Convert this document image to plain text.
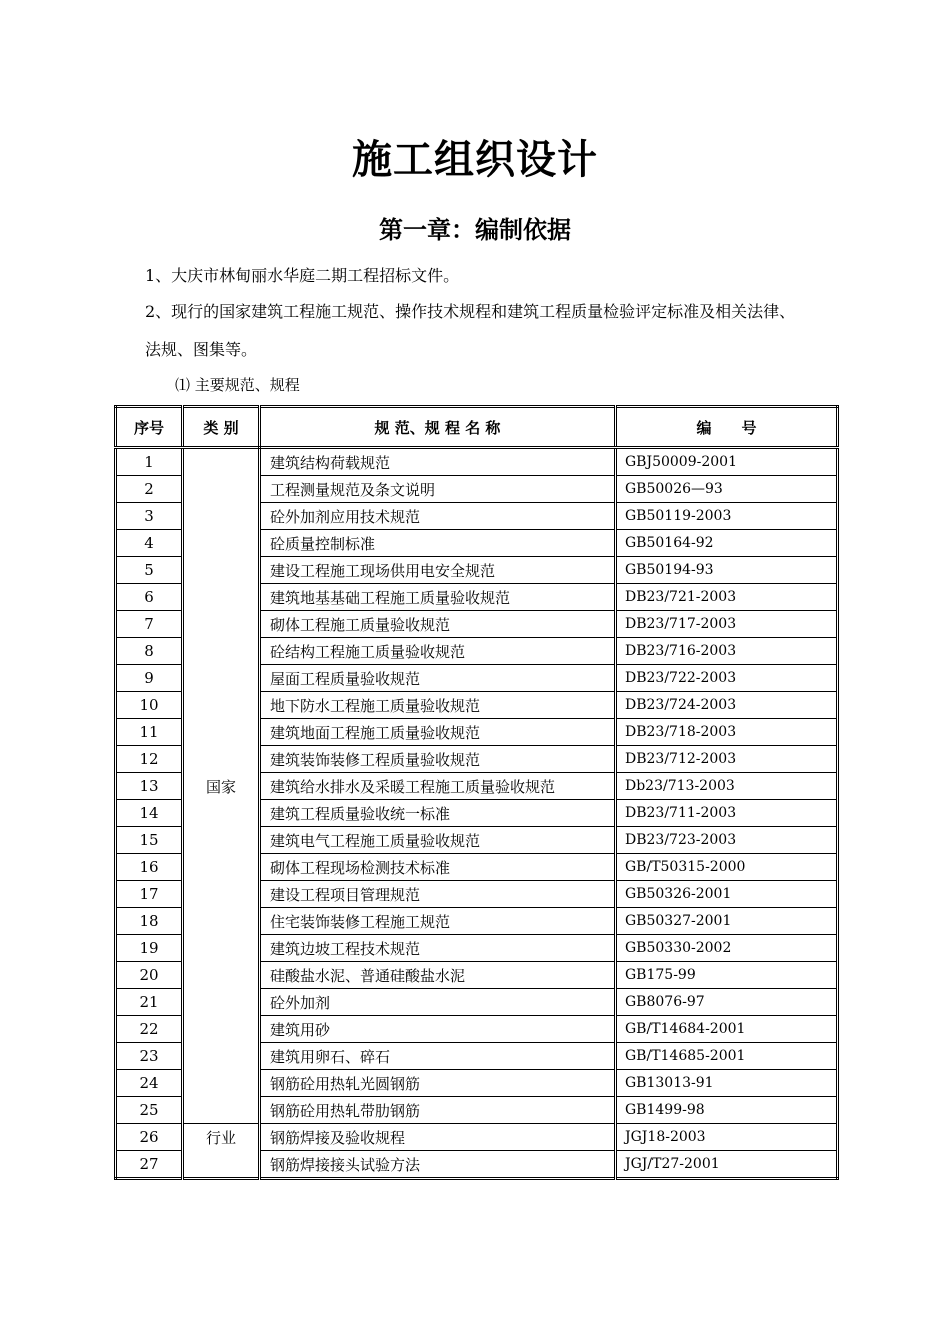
施工组织设计
第一章：编制依据

1、大庆市林甸丽水华庭二期工程招标文件。

2、现行的国家建筑工程施工规范、操作技术规程和建筑工程质量检验评定标准及相关法律、

法规、图集等。

⑴ 主要规范、规程

序号	类 别	规 范、规 程 名 称	编　　号
1	国家	建筑结构荷载规范	GBJ50009-2001
2		工程测量规范及条文说明	GB50026—93
3		砼外加剂应用技术规范	GB50119-2003
4		砼质量控制标准	GB50164-92
5		建设工程施工现场供用电安全规范	GB50194-93
6		建筑地基基础工程施工质量验收规范	DB23/721-2003
7		砌体工程施工质量验收规范	DB23/717-2003
8		砼结构工程施工质量验收规范	DB23/716-2003
9		屋面工程质量验收规范	DB23/722-2003
10		地下防水工程施工质量验收规范	DB23/724-2003
11		建筑地面工程施工质量验收规范	DB23/718-2003
12		建筑装饰装修工程质量验收规范	DB23/712-2003
13		建筑给水排水及采暖工程施工质量验收规范	Db23/713-2003
14		建筑工程质量验收统一标准	DB23/711-2003
15		建筑电气工程施工质量验收规范	DB23/723-2003
16		砌体工程现场检测技术标准	GB/T50315-2000
17		建设工程项目管理规范	GB50326-2001
18		住宅装饰装修工程施工规范	GB50327-2001
19		建筑边坡工程技术规范	GB50330-2002
20		硅酸盐水泥、普通硅酸盐水泥	GB175-99
21		砼外加剂	GB8076-97
22		建筑用砂	GB/T14684-2001
23		建筑用卵石、碎石	GB/T14685-2001
24		钢筋砼用热轧光圆钢筋	GB13013-91
25		钢筋砼用热轧带肋钢筋	GB1499-98
26	行业	钢筋焊接及验收规程	JGJ18-2003
27		钢筋焊接接头试验方法	JGJ/T27-2001
